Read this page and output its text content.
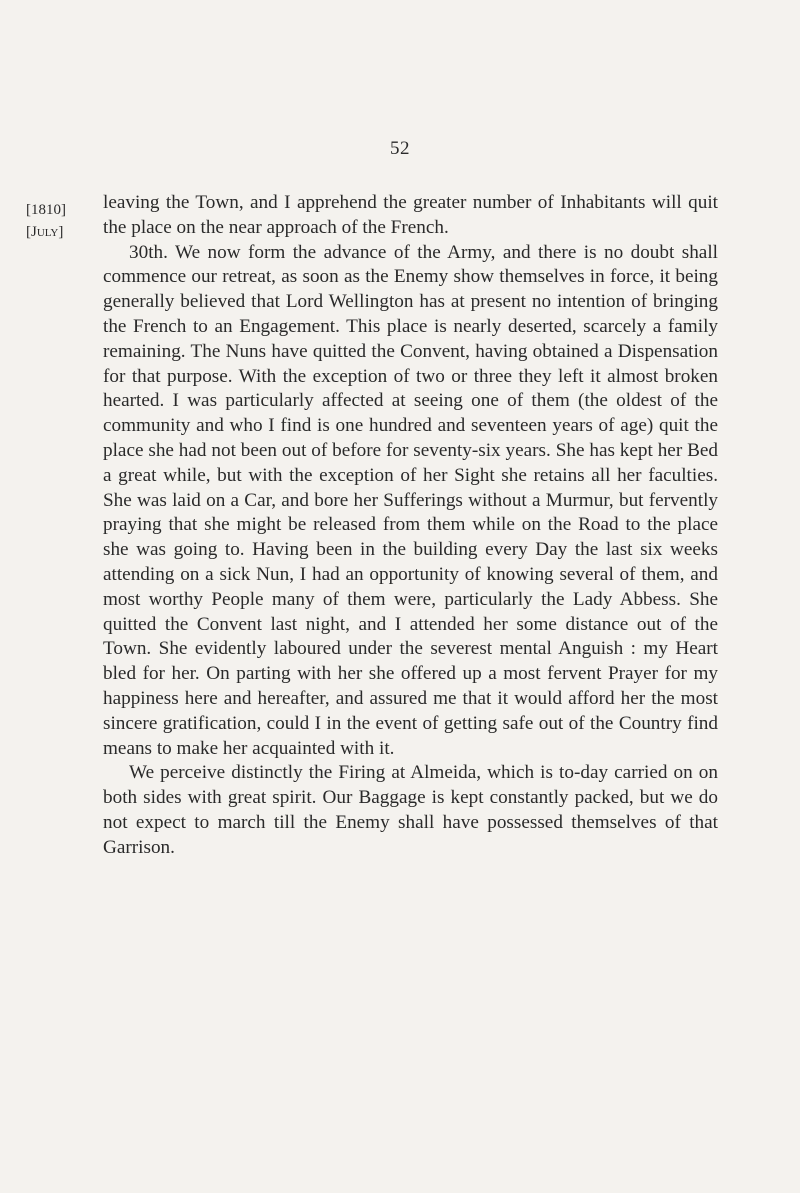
52
[1810]
[July]

leaving the Town, and I apprehend the greater number of Inhabitants will quit the place on the near approach of the French.

30th. We now form the advance of the Army, and there is no doubt shall commence our retreat, as soon as the Enemy show themselves in force, it being generally believed that Lord Wellington has at present no intention of bringing the French to an Engagement. This place is nearly deserted, scarcely a family remaining. The Nuns have quitted the Convent, having obtained a Dispensation for that purpose. With the exception of two or three they left it almost broken hearted. I was particularly affected at seeing one of them (the oldest of the community and who I find is one hundred and seventeen years of age) quit the place she had not been out of before for seventy-six years. She has kept her Bed a great while, but with the exception of her Sight she retains all her faculties. She was laid on a Car, and bore her Sufferings without a Murmur, but fervently praying that she might be released from them while on the Road to the place she was going to. Having been in the building every Day the last six weeks attending on a sick Nun, I had an opportunity of knowing several of them, and most worthy People many of them were, particularly the Lady Abbess. She quitted the Convent last night, and I attended her some distance out of the Town. She evidently laboured under the severest mental Anguish : my Heart bled for her. On parting with her she offered up a most fervent Prayer for my happiness here and hereafter, and assured me that it would afford her the most sincere gratification, could I in the event of getting safe out of the Country find means to make her acquainted with it.

We perceive distinctly the Firing at Almeida, which is to-day carried on on both sides with great spirit. Our Baggage is kept constantly packed, but we do not expect to march till the Enemy shall have possessed themselves of that Garrison.
